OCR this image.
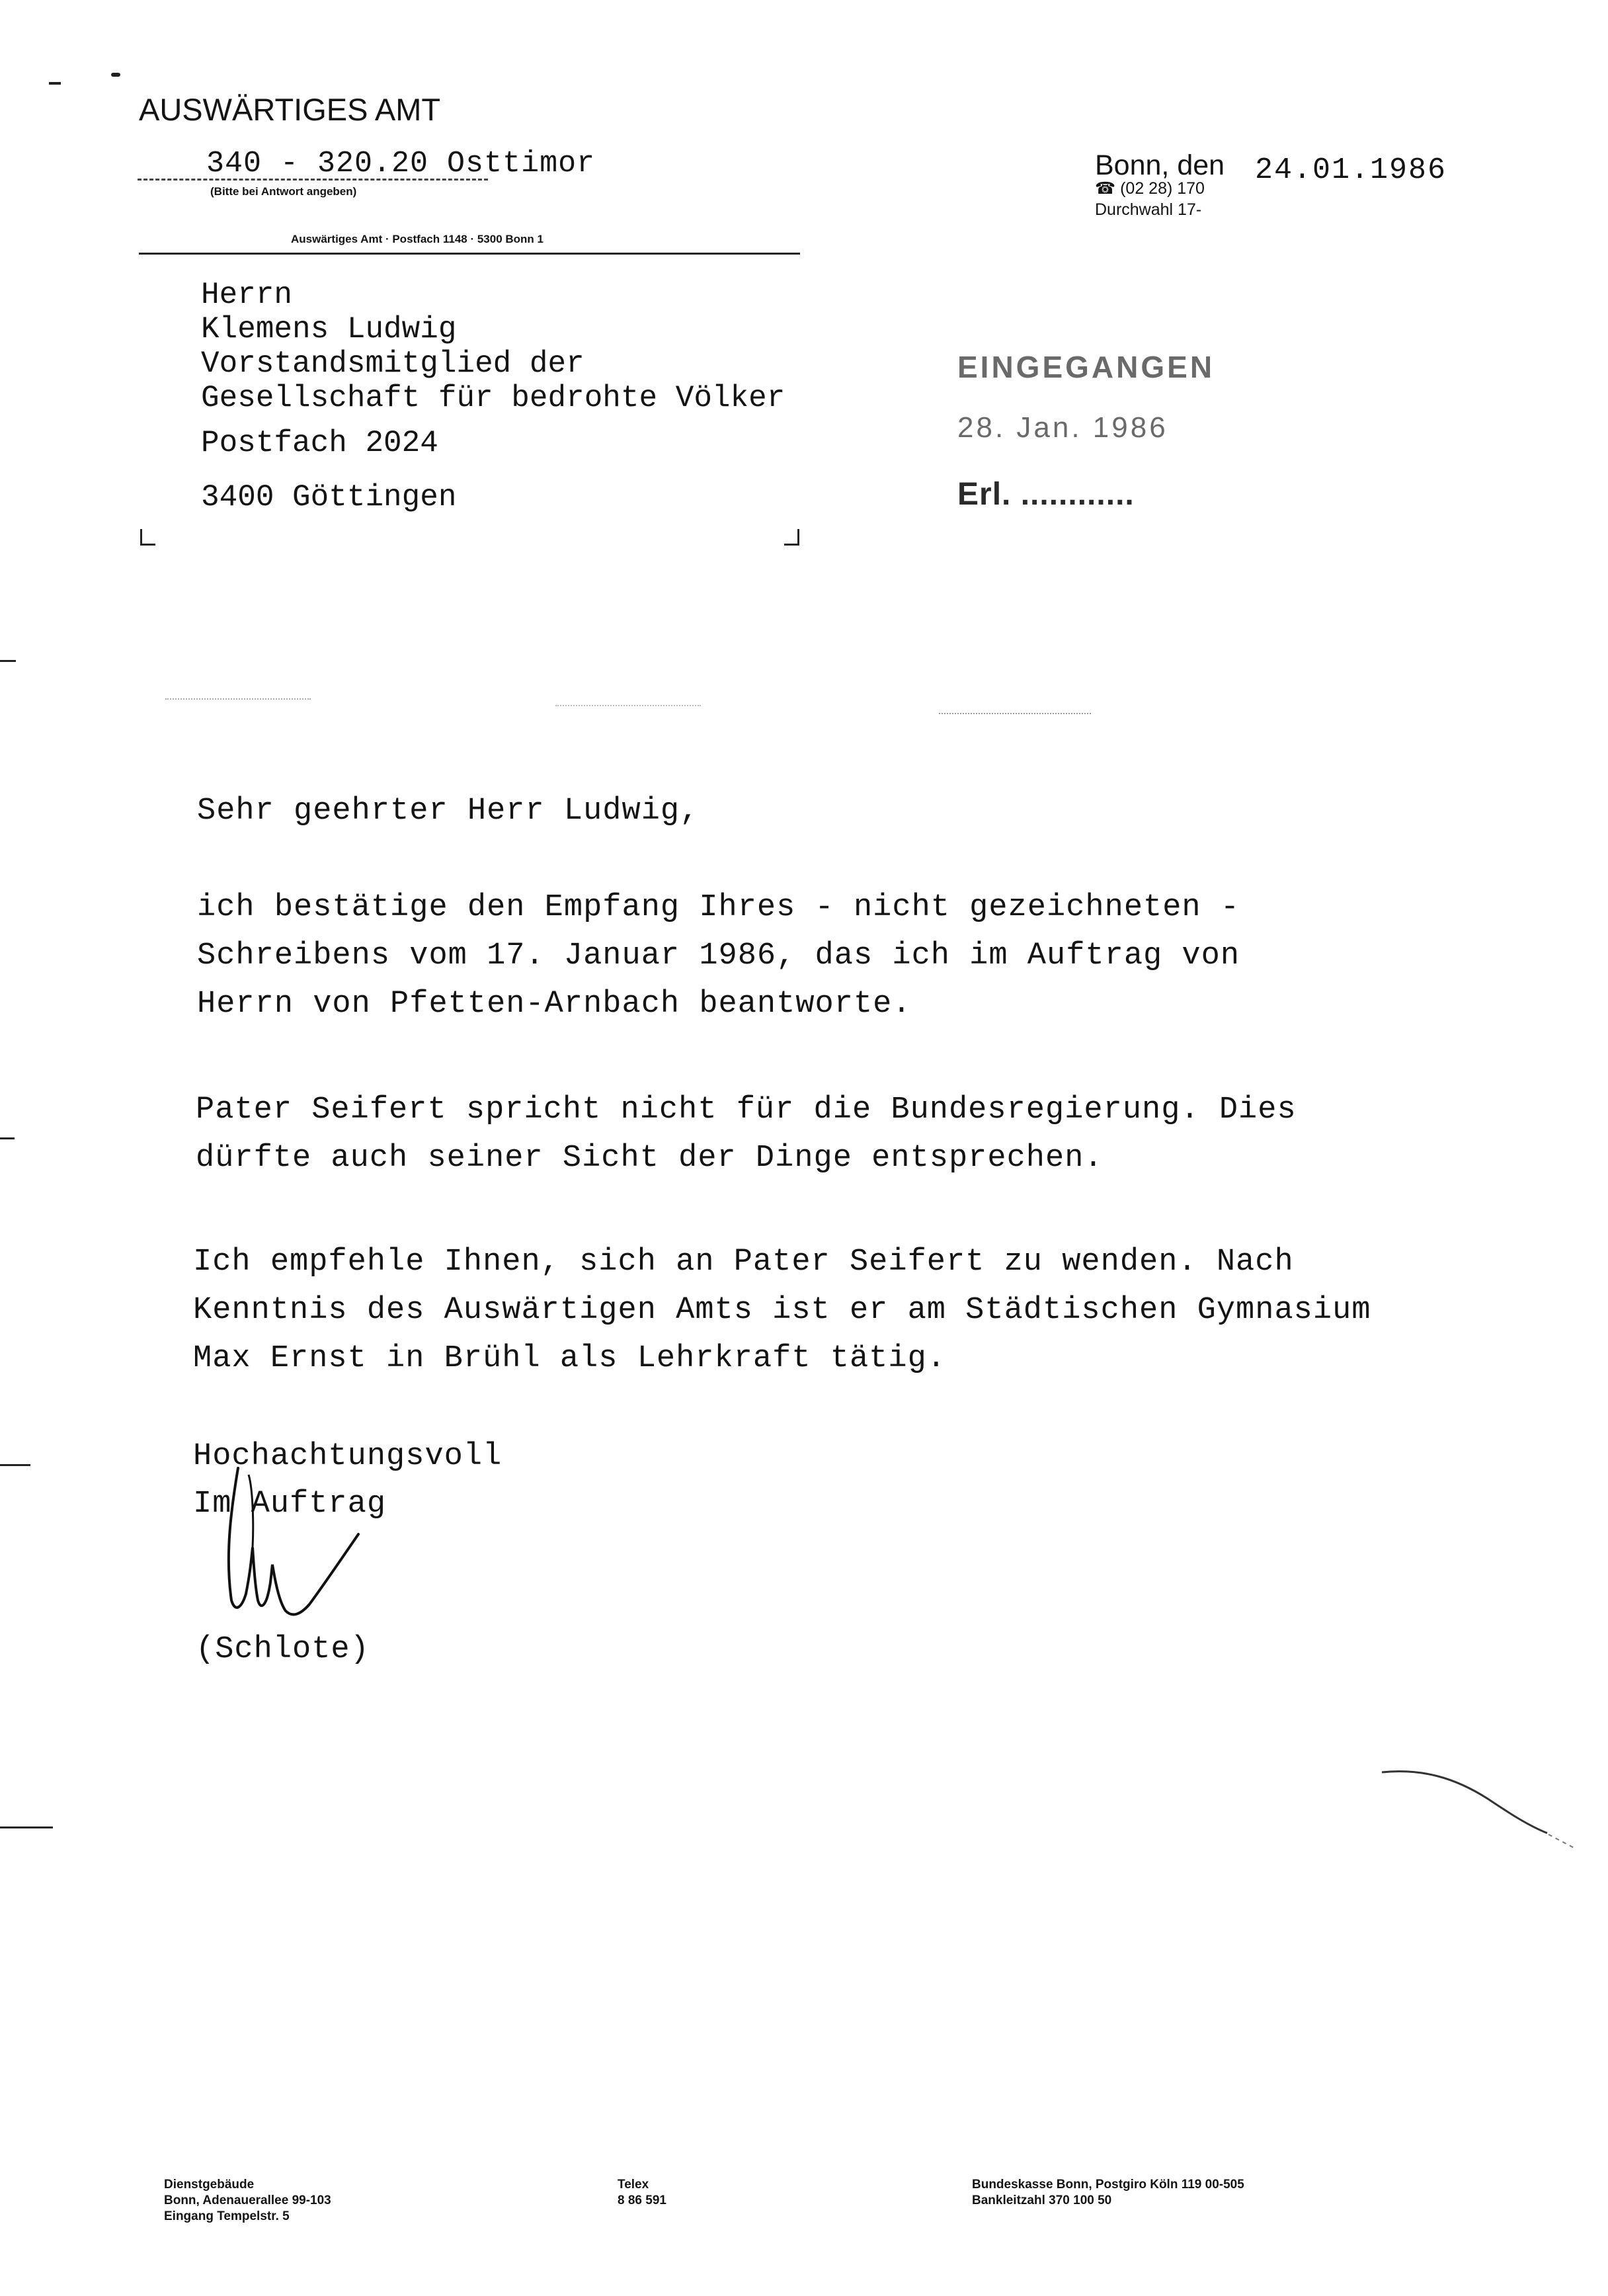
AUSWÄRTIGES AMT
340 - 320.20 Osttimor
(Bitte bei Antwort angeben)
Auswärtiges Amt · Postfach 1148 · 5300 Bonn 1
Bonn, den 24.01.1986
☎ (02 28) 170
Durchwahl 17-
Herrn
Klemens Ludwig
Vorstandsmitglied der
Gesellschaft für bedrohte Völker
Postfach 2024
3400 Göttingen
EINGEGANGEN
28. Jan. 1986
Erl. ............
Sehr geehrter Herr Ludwig,
ich bestätige den Empfang Ihres - nicht gezeichneten -
Schreibens vom 17. Januar 1986, das ich im Auftrag von
Herrn von Pfetten-Arnbach beantworte.
Pater Seifert spricht nicht für die Bundesregierung. Dies
dürfte auch seiner Sicht der Dinge entsprechen.
Ich empfehle Ihnen, sich an Pater Seifert zu wenden. Nach
Kenntnis des Auswärtigen Amts ist er am Städtischen Gymnasium
Max Ernst in Brühl als Lehrkraft tätig.
Hochachtungsvoll
Im Auftrag
(Schlote)
Dienstgebäude
Bonn, Adenauerallee 99-103
Eingang Tempelstr. 5
Telex
8 86 591
Bundeskasse Bonn, Postgiro Köln 119 00-505
Bankleitzahl 370 100 50
